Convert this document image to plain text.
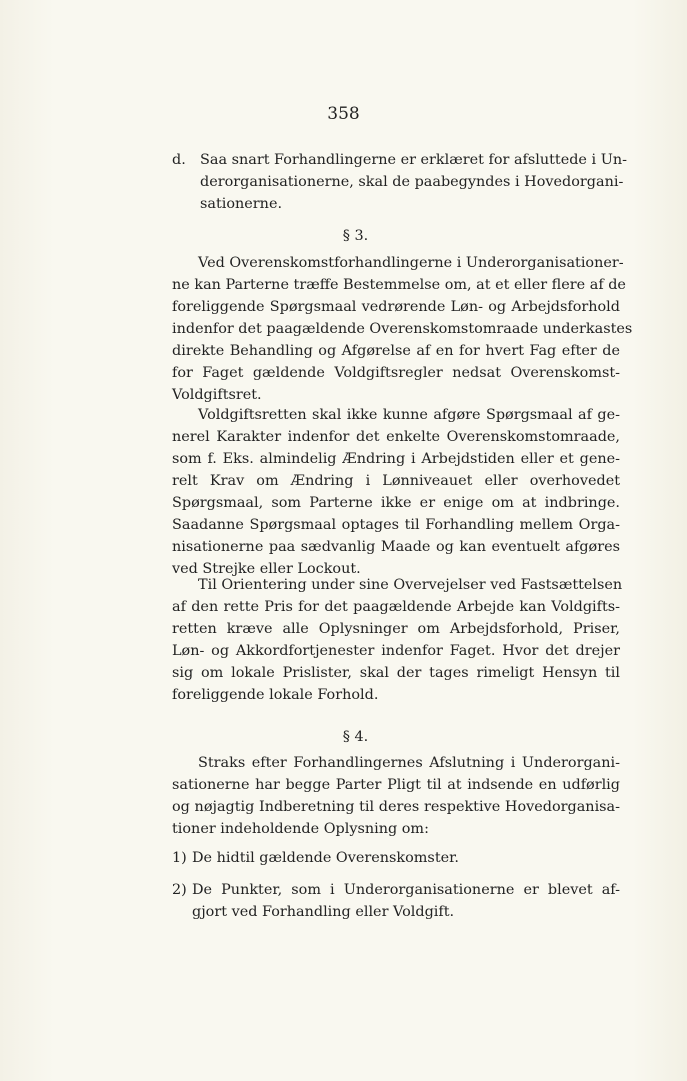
358
d. Saa snart Forhandlingerne er erklæret for afsluttede i Un-
derorganisationerne, skal de paabegyndes i Hovedorgani-
sationerne.
§ 3.
Ved Overenskomstforhandlingerne i Underorganisationer-
ne kan Parterne træffe Bestemmelse om, at et eller flere af de
foreliggende Spørgsmaal vedrørende Løn- og Arbejdsforhold
indenfor det paagældende Overenskomstomraade underkastes
direkte Behandling og Afgørelse af en for hvert Fag efter de
for Faget gældende Voldgiftsregler nedsat Overenskomst-
Voldgiftsret.
Voldgiftsretten skal ikke kunne afgøre Spørgsmaal af ge-
nerel Karakter indenfor det enkelte Overenskomstomraade,
som f. Eks. almindelig Ændring i Arbejdstiden eller et gene-
relt Krav om Ændring i Lønniveauet eller overhovedet
Spørgsmaal, som Parterne ikke er enige om at indbringe.
Saadanne Spørgsmaal optages til Forhandling mellem Orga-
nisationerne paa sædvanlig Maade og kan eventuelt afgøres
ved Strejke eller Lockout.
Til Orientering under sine Overvejelser ved Fastsættelsen
af den rette Pris for det paagældende Arbejde kan Voldgifts-
retten kræve alle Oplysninger om Arbejdsforhold, Priser,
Løn- og Akkordfortjenester indenfor Faget. Hvor det drejer
sig om lokale Prislister, skal der tages rimeligt Hensyn til
foreliggende lokale Forhold.
§ 4.
Straks efter Forhandlingernes Afslutning i Underorgani-
sationerne har begge Parter Pligt til at indsende en udførlig
og nøjagtig Indberetning til deres respektive Hovedorganisa-
tioner indeholdende Oplysning om:
1) De hidtil gældende Overenskomster.
2) De Punkter, som i Underorganisationerne er blevet af-
gjort ved Forhandling eller Voldgift.
